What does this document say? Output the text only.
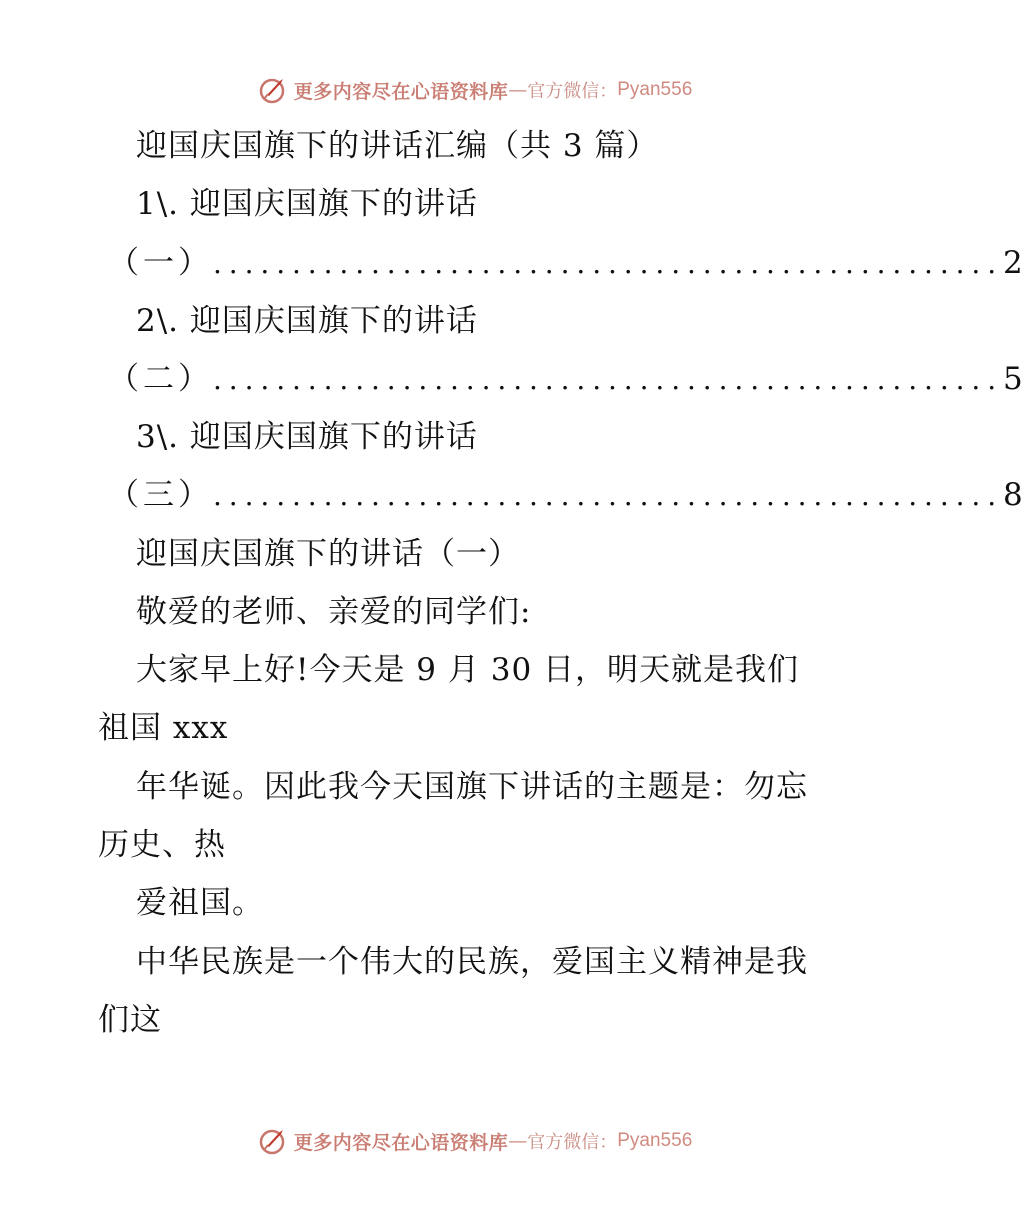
更多内容尽在心语资料库 — 官方微信： Pyan556
迎国庆国旗下的讲话汇编（共 3 篇）
1\. 迎国庆国旗下的讲话
（一） .................................................. 2
2\. 迎国庆国旗下的讲话
（二） .................................................. 5
3\. 迎国庆国旗下的讲话
（三） .................................................. 8
迎国庆国旗下的讲话（一）
敬爱的老师、亲爱的同学们:
大家早上好!今天是 9 月 30 日，明天就是我们
祖国 xxx
年华诞。因此我今天国旗下讲话的主题是：勿忘
历史、热
爱祖国。
中华民族是一个伟大的民族，爱国主义精神是我
们这
更多内容尽在心语资料库 — 官方微信： Pyan556
